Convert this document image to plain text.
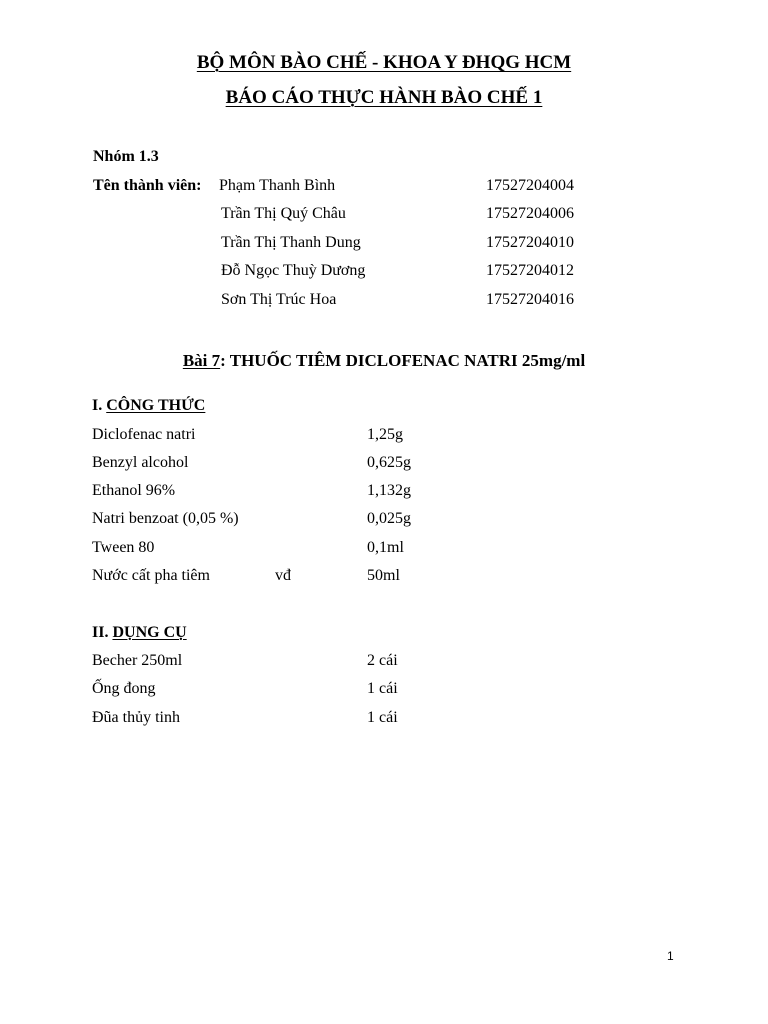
BỘ MÔN BÀO CHẾ - KHOA Y ĐHQG HCM
BÁO CÁO THỰC HÀNH BÀO CHẾ 1
Nhóm 1.3
Tên thành viên: Phạm Thanh Bình	17527204004
Trần Thị Quý Châu	17527204006
Trần Thị Thanh Dung	17527204010
Đỗ Ngọc Thuỳ Dương	17527204012
Sơn Thị Trúc Hoa	17527204016
Bài 7: THUỐC TIÊM DICLOFENAC NATRI 25mg/ml
I. CÔNG THỨC
Diclofenac natri	1,25g
Benzyl alcohol	0,625g
Ethanol 96%	1,132g
Natri benzoat (0,05 %)	0,025g
Tween 80	0,1ml
Nước cất pha tiêm	vđ	50ml
II. DỤNG CỤ
Becher 250ml	2 cái
Ống đong	1 cái
Đũa thủy tinh	1 cái
1
